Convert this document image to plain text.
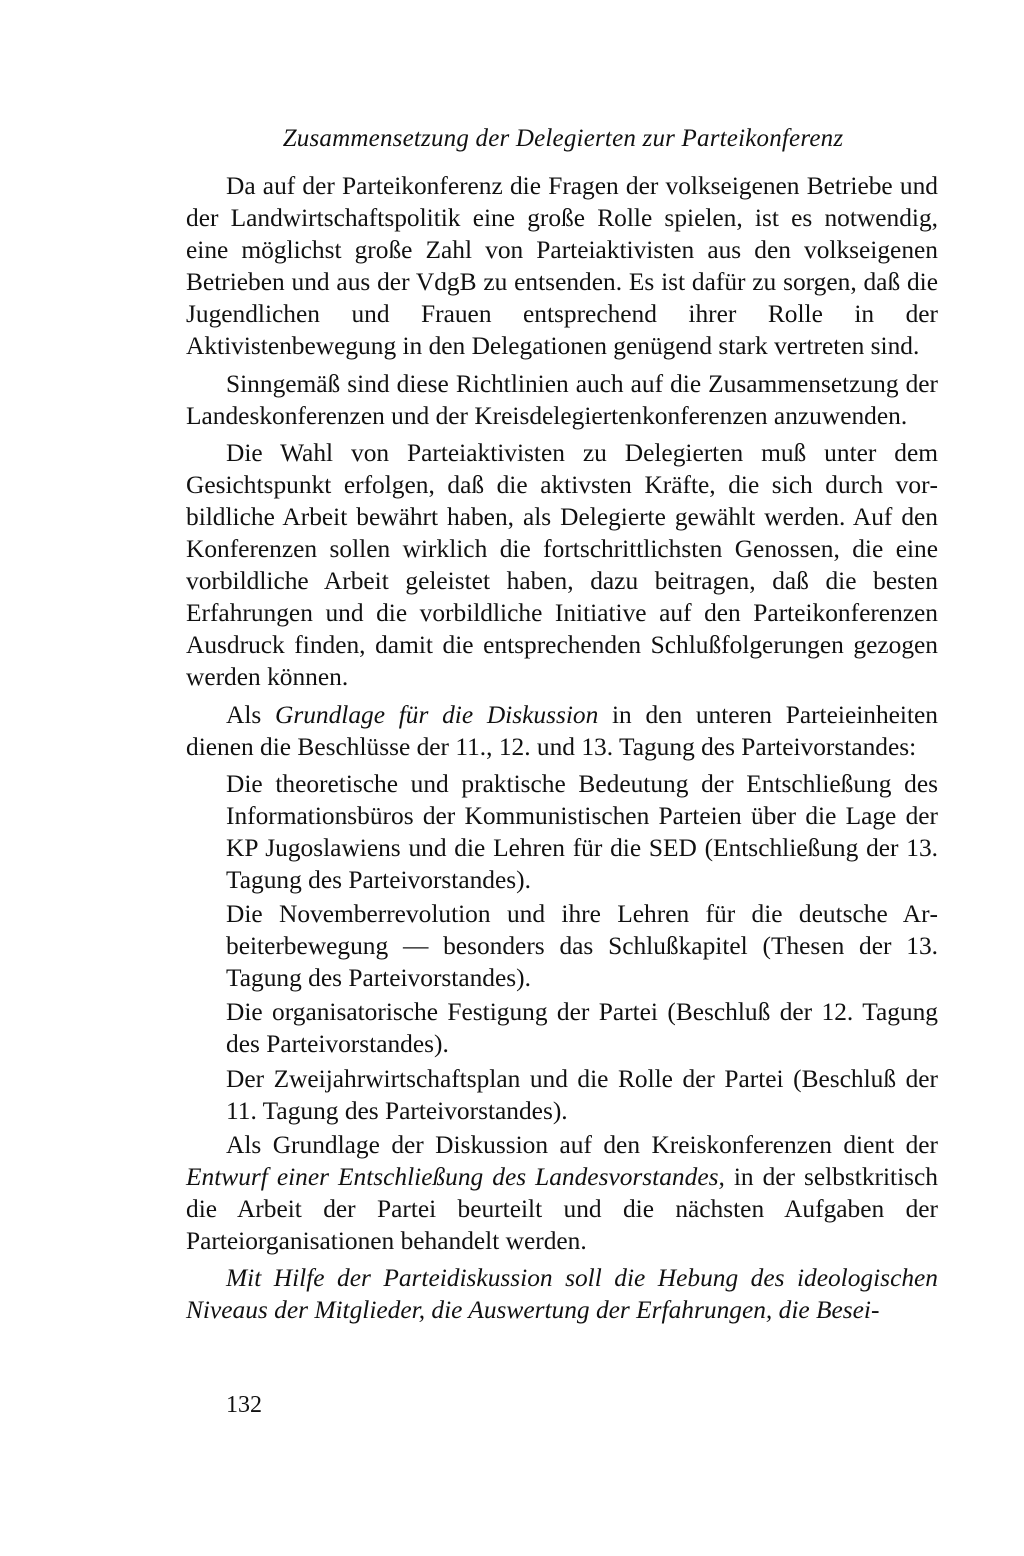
Zusammensetzung der Delegierten zur Parteikonferenz

Da auf der Parteikonferenz die Fragen der volkseigenen Betriebe und der Landwirtschaftspolitik eine große Rolle spielen, ist es notwendig, eine möglichst große Zahl von Parteiaktivisten aus den volkseigenen Betrieben und aus der VdgB zu entsenden. Es ist dafür zu sorgen, daß die Jugendlichen und Frauen entsprechend ihrer Rolle in der Aktivistenbewegung in den Delegationen genügend stark vertreten sind.

Sinngemäß sind diese Richtlinien auch auf die Zusammensetzung der Landeskonferenzen und der Kreisdelegiertenkonferenzen anzuwenden.

Die Wahl von Parteiaktivisten zu Delegierten muß unter dem Gesichtspunkt erfolgen, daß die aktivsten Kräfte, die sich durch vorbildliche Arbeit bewährt haben, als Delegierte gewählt werden. Auf den Konferenzen sollen wirklich die fortschrittlichsten Genossen, die eine vorbildliche Arbeit geleistet haben, dazu beitragen, daß die besten Erfahrungen und die vorbildliche Initiative auf den Parteikonferenzen Ausdruck finden, damit die entsprechenden Schlußfolgerungen gezogen werden können.

Als Grundlage für die Diskussion in den unteren Parteieinheiten dienen die Beschlüsse der 11., 12. und 13. Tagung des Parteivorstandes:

Die theoretische und praktische Bedeutung der Entschließung des Informationsbüros der Kommunistischen Parteien über die Lage der KP Jugoslawiens und die Lehren für die SED (Entschließung der 13. Tagung des Parteivorstandes).

Die Novemberrevolution und ihre Lehren für die deutsche Arbeiterbewegung — besonders das Schlußkapitel (Thesen der 13. Tagung des Parteivorstandes).

Die organisatorische Festigung der Partei (Beschluß der 12. Tagung des Parteivorstandes).

Der Zweijahrwirtschaftsplan und die Rolle der Partei (Beschluß der 11. Tagung des Parteivorstandes).

Als Grundlage der Diskussion auf den Kreiskonferenzen dient der Entwurf einer Entschließung des Landesvorstandes, in der selbstkritisch die Arbeit der Partei beurteilt und die nächsten Aufgaben der Parteiorganisationen behandelt werden.

Mit Hilfe der Parteidiskussion soll die Hebung des ideologischen Niveaus der Mitglieder, die Auswertung der Erfahrungen, die Besei-

132
